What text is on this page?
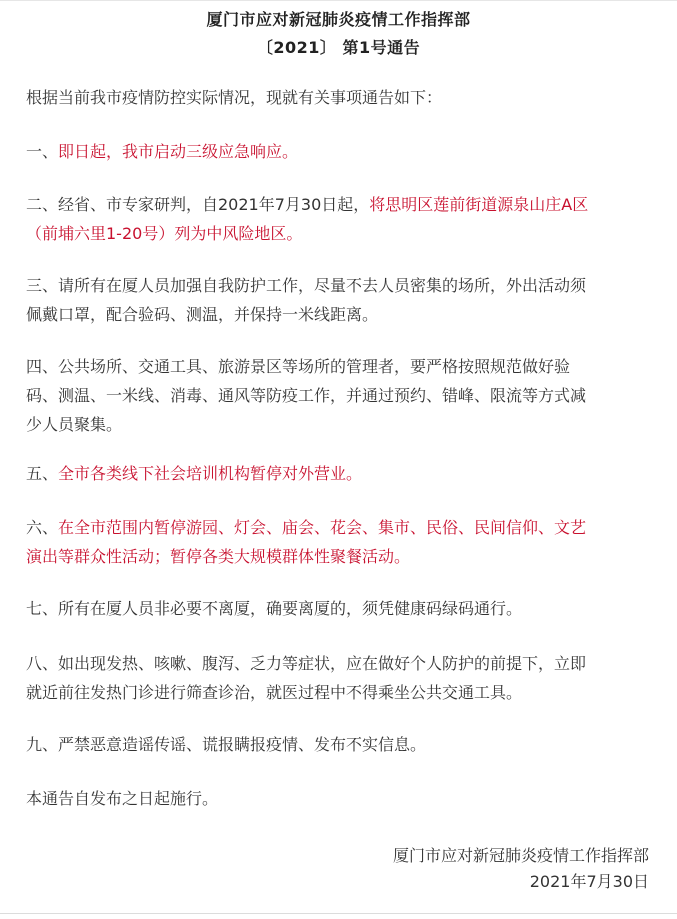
厦门市应对新冠肺炎疫情工作指挥部
〔2021〕 第1号通告
根据当前我市疫情防控实际情况，现就有关事项通告如下：
一、即日起，我市启动三级应急响应。
二、经省、市专家研判，自2021年7月30日起，将思明区莲前街道源泉山庄A区
（前埔六里1-20号）列为中风险地区。
三、请所有在厦人员加强自我防护工作，尽量不去人员密集的场所，外出活动须
佩戴口罩，配合验码、测温，并保持一米线距离。
四、公共场所、交通工具、旅游景区等场所的管理者，要严格按照规范做好验
码、测温、一米线、消毒、通风等防疫工作，并通过预约、错峰、限流等方式减
少人员聚集。
五、全市各类线下社会培训机构暂停对外营业。
六、在全市范围内暂停游园、灯会、庙会、花会、集市、民俗、民间信仰、文艺
演出等群众性活动；暂停各类大规模群体性聚餐活动。
七、所有在厦人员非必要不离厦，确要离厦的，须凭健康码绿码通行。
八、如出现发热、咳嗽、腹泻、乏力等症状，应在做好个人防护的前提下，立即
就近前往发热门诊进行筛查诊治，就医过程中不得乘坐公共交通工具。
九、严禁恶意造谣传谣、谎报瞒报疫情、发布不实信息。
本通告自发布之日起施行。
厦门市应对新冠肺炎疫情工作指挥部
2021年7月30日
